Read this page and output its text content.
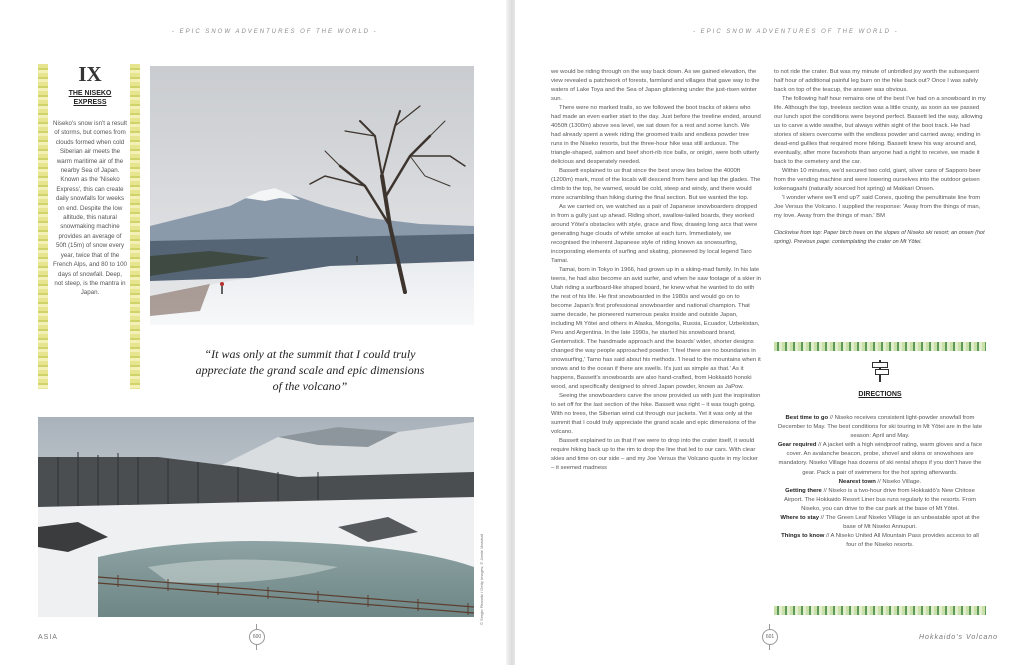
- EPIC SNOW ADVENTURES OF THE WORLD -
IX
THE NISEKO
EXPRESS
Niseko's snow isn't a result of storms, but comes from clouds formed when cold Siberian air meets the warm maritime air of the nearby Sea of Japan. Known as the 'Niseko Express', this can create daily snowfalls for weeks on end. Despite the low altitude, this natural snowmaking machine provides an average of 50ft (15m) of snow every year, twice that of the French Alps, and 80 to 100 days of snowfall. Deep, not steep, is the mantra in Japan.
“It was only at the summit that I could truly appreciate the grand scale and epic dimensions of the volcano”
© Sergio Pitamitz / Getty Images; © Jamie Marshall
ASIA	600
- EPIC SNOW ADVENTURES OF THE WORLD -
601	Hokkaido's Volcano

we would be riding through on the way back down. As we gained elevation, the view revealed a patchwork of forests, farmland and villages that gave way to the waters of Lake Toya and the Sea of Japan glistening under the just-risen winter sun.

There were no marked trails, so we followed the boot tracks of skiers who had made an even earlier start to the day. Just before the treeline ended, around 4050ft (1300m) above sea level, we sat down for a rest and some lunch. We had already spent a week riding the groomed trails and endless powder tree runs in the Niseko resorts, but the three-hour hike was still arduous. The triangle-shaped, salmon and beef short-rib rice balls, or onigiri, were both utterly delicious and desperately needed.

Bassett explained to us that since the best snow lies below the 4000ft (1200m) mark, most of the locals will descend from here and lap the glades. The climb to the top, he warned, would be cold, steep and windy, and there would more scrambling than hiking during the final section. But we wanted the top.

As we carried on, we watched as a pair of Japanese snowboarders dropped in from a gully just up ahead. Riding short, swallow-tailed boards, they worked around Yōtei's obstacles with style, grace and flow, drawing long arcs that were generating huge clouds of white smoke at each turn. Immediately, we recognised the inherent Japanese style of riding known as snowsurfing, incorporating elements of surfing and skating, pioneered by local legend Taro Tamai.

Tamai, born in Tokyo in 1966, had grown up in a skiing-mad family. In his late teens, he had also become an avid surfer, and when he saw footage of a skier in Utah riding a surfboard-like shaped board, he knew what he wanted to do with the rest of his life. He first snowboarded in the 1980s and would go on to become Japan's first professional snowboarder and national champion. That same decade, he pioneered numerous peaks inside and outside Japan, including Mt Yōtei and others in Alaska, Mongolia, Russia, Ecuador, Uzbekistan, Peru and Argentina. In the late 1990s, he started his snowboard brand, Gentemstick. The handmade approach and the boards' wider, shorter designs changed the way people approached powder. 'I feel there are no boundaries in snowsurfing,' Tamo has said about his methods. 'I head to the mountains when it snows and to the ocean if there are swells. It's just as simple as that.' As it happens, Bassett's snowboards are also hand-crafted, from Hokkaidō honoki wood, and specifically designed to shred Japan powder, known as JaPow.

Seeing the snowboarders carve the snow provided us with just the inspiration to set off for the last section of the hike. Bassett was right – it was tough going. With no trees, the Siberian wind cut through our jackets. Yet it was only at the summit that I could truly appreciate the grand scale and epic dimensions of the volcano.

Bassett explained to us that if we were to drop into the crater itself, it would require hiking back up to the rim to drop the line that led to our cars. With clear skies and time on our side – and my Joe Versus the Volcano quote in my locker – it seemed madness

to not ride the crater. But was my minute of unbridled joy worth the subsequent half hour of additional painful leg burn on the hike back out? Once I was safely back on top of the teacup, the answer was obvious.

The following half hour remains one of the best I've had on a snowboard in my life. Although the top, treeless section was a little crusty, as soon as we passed our lunch spot the conditions were beyond perfect. Bassett led the way, allowing us to carve a wide swathe, but always within sight of the boot track. He had stories of skiers overcome with the endless powder and carried away, ending in dead-end gullies that required more hiking. Bassett knew his way around and, eventually, after more faceshots than anyone had a right to receive, we made it back to the cemetery and the car.

Within 10 minutes, we'd secured two cold, giant, silver cans of Sapporo beer from the vending machine and were lowering ourselves into the outdoor geisen kokenagashi (naturally sourced hot spring) at Makkari Onsen.

'I wonder where we'll end up?' said Cones, quoting the penultimate line from Joe Versus the Volcano. I supplied the response: 'Away from the things of man, my love. Away from the things of man.' BM

Clockwise from top: Paper birch trees on the slopes of Niseko ski resort; an onsen (hot spring). Previous page: contemplating the crater on Mt Yōtei.

DIRECTIONS
Best time to go // Niseko receives consistent light-powder snowfall from December to May. The best conditions for ski touring in Mt Yōtei are in the late season: April and May.
Gear required // A jacket with a high windproof rating, warm gloves and a face cover. An avalanche beacon, probe, shovel and skins or snowshoes are mandatory. Niseko Village has dozens of ski rental shops if you don't have the gear. Pack a pair of swimmers for the hot spring afterwards.
Nearest town // Niseko Village.
Getting there // Niseko is a two-hour drive from Hokkaidō's New Chitose Airport. The Hokkaido Resort Liner bus runs regularly to the resorts. From Niseko, you can drive to the car park at the base of Mt Yōtei.
Where to stay // The Green Leaf Niseko Village is an unbeatable spot at the base of Mt Niseko Annupuri.
Things to know // A Niseko United All Mountain Pass provides access to all four of the Niseko resorts.
